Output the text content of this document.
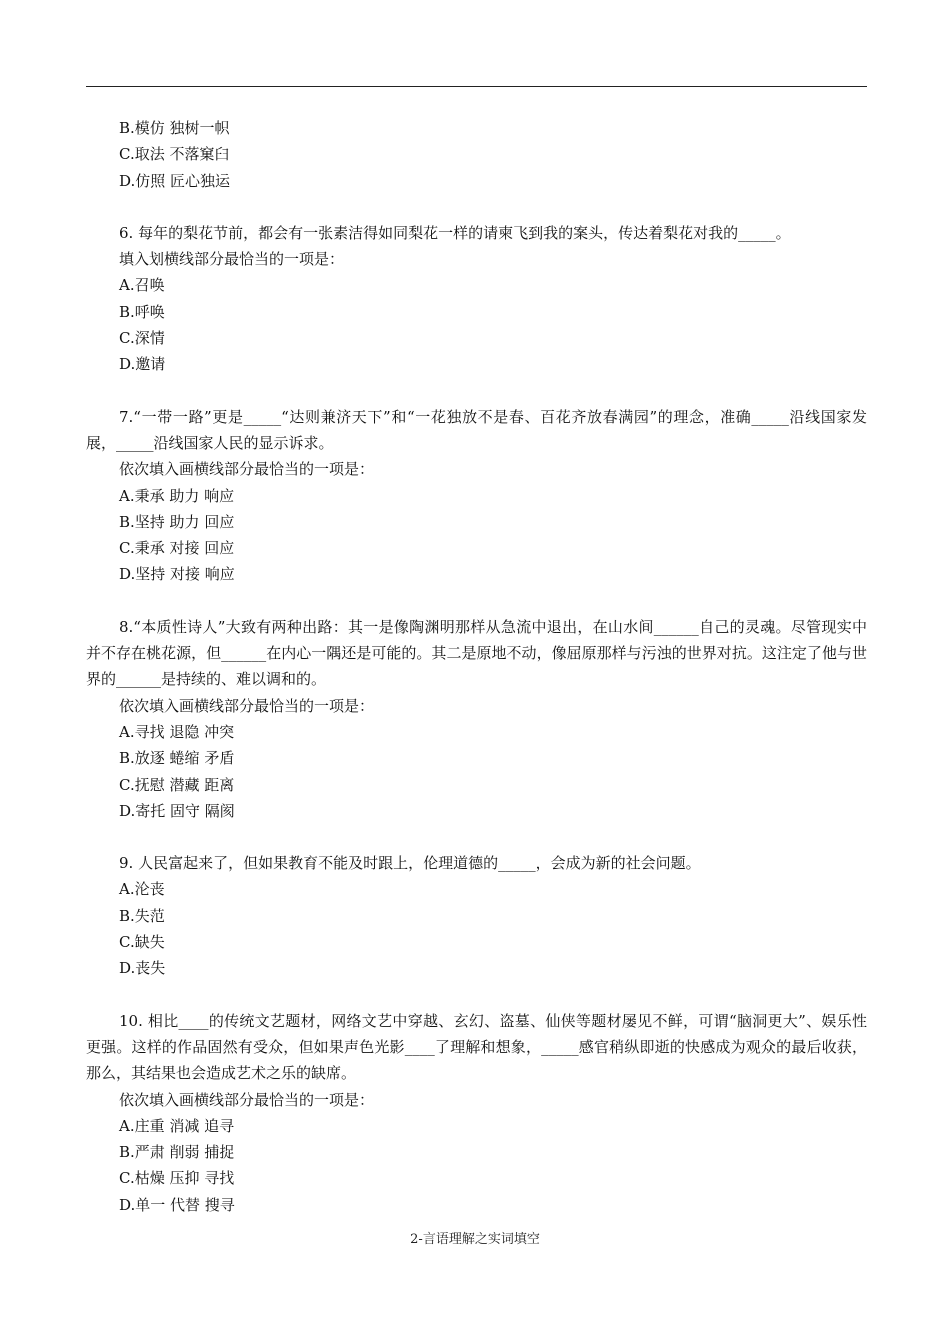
B.模仿 独树一帜
C.取法 不落窠臼
D.仿照 匠心独运
6. 每年的梨花节前，都会有一张素洁得如同梨花一样的请柬飞到我的案头，传达着梨花对我的_____。
填入划横线部分最恰当的一项是：
A.召唤
B.呼唤
C.深情
D.邀请
7.“一带一路”更是_____“达则兼济天下”和“一花独放不是春、百花齐放春满园”的理念，准确_____沿线国家发展，_____沿线国家人民的显示诉求。
依次填入画横线部分最恰当的一项是：
A.秉承 助力 响应
B.坚持 助力 回应
C.秉承 对接 回应
D.坚持 对接 响应
8.“本质性诗人”大致有两种出路：其一是像陶渊明那样从急流中退出，在山水间______自己的灵魂。尽管现实中并不存在桃花源，但______在内心一隅还是可能的。其二是原地不动，像屈原那样与污浊的世界对抗。这注定了他与世界的______是持续的、难以调和的。
依次填入画横线部分最恰当的一项是：
A.寻找 退隐 冲突
B.放逐 蜷缩 矛盾
C.抚慰 潜藏 距离
D.寄托 固守 隔阂
9. 人民富起来了，但如果教育不能及时跟上，伦理道德的_____，会成为新的社会问题。
A.沦丧
B.失范
C.缺失
D.丧失
10. 相比____的传统文艺题材，网络文艺中穿越、玄幻、盗墓、仙侠等题材屡见不鲜，可谓“脑洞更大”、娱乐性更强。这样的作品固然有受众，但如果声色光影____了理解和想象，_____感官稍纵即逝的快感成为观众的最后收获，那么，其结果也会造成艺术之乐的缺席。
依次填入画横线部分最恰当的一项是：
A.庄重 消减 追寻
B.严肃 削弱 捕捉
C.枯燥 压抑 寻找
D.单一 代替 搜寻
2-言语理解之实词填空
